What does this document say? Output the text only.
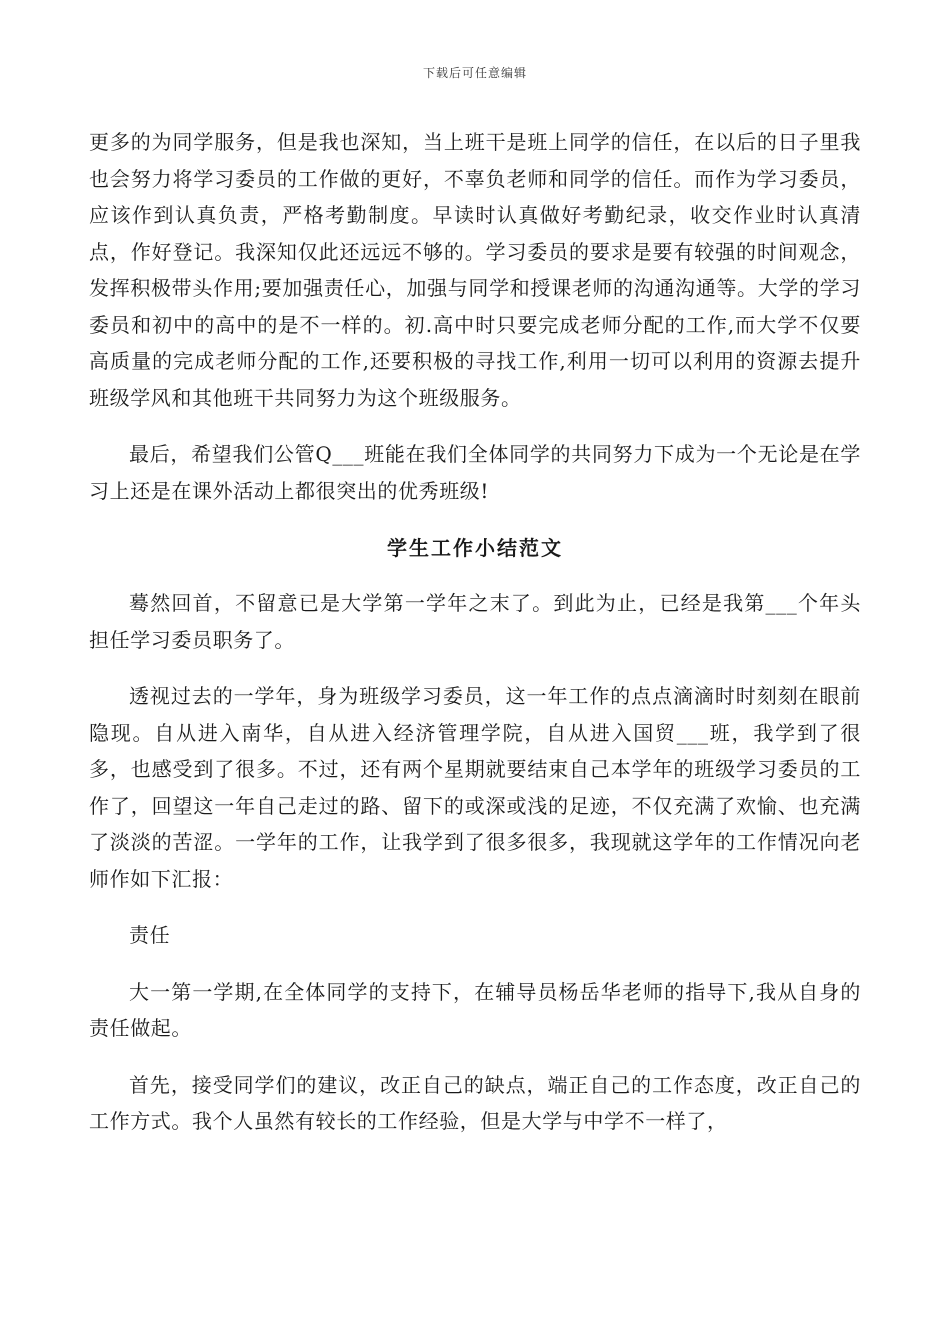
下载后可任意编辑

更多的为同学服务，但是我也深知，当上班干是班上同学的信任，在以后的日子里我也会努力将学习委员的工作做的更好，不辜负老师和同学的信任。而作为学习委员，应该作到认真负责，严格考勤制度。早读时认真做好考勤纪录，收交作业时认真清点，作好登记。我深知仅此还远远不够的。学习委员的要求是要有较强的时间观念，发挥积极带头作用;要加强责任心，加强与同学和授课老师的沟通沟通等。大学的学习委员和初中的高中的是不一样的。初.高中时只要完成老师分配的工作,而大学不仅要高质量的完成老师分配的工作,还要积极的寻找工作,利用一切可以利用的资源去提升班级学风和其他班干共同努力为这个班级服务。

最后，希望我们公管Q___班能在我们全体同学的共同努力下成为一个无论是在学习上还是在课外活动上都很突出的优秀班级!

学生工作小结范文

蓦然回首，不留意已是大学第一学年之末了。到此为止，已经是我第___个年头担任学习委员职务了。

透视过去的一学年，身为班级学习委员，这一年工作的点点滴滴时时刻刻在眼前隐现。自从进入南华，自从进入经济管理学院，自从进入国贸___班，我学到了很多，也感受到了很多。不过，还有两个星期就要结束自己本学年的班级学习委员的工作了，回望这一年自己走过的路、留下的或深或浅的足迹，不仅充满了欢愉、也充满了淡淡的苦涩。一学年的工作，让我学到了很多很多，我现就这学年的工作情况向老师作如下汇报：

责任

大一第一学期,在全体同学的支持下，在辅导员杨岳华老师的指导下,我从自身的责任做起。

首先，接受同学们的建议，改正自己的缺点，端正自己的工作态度，改正自己的工作方式。我个人虽然有较长的工作经验，但是大学与中学不一样了，
